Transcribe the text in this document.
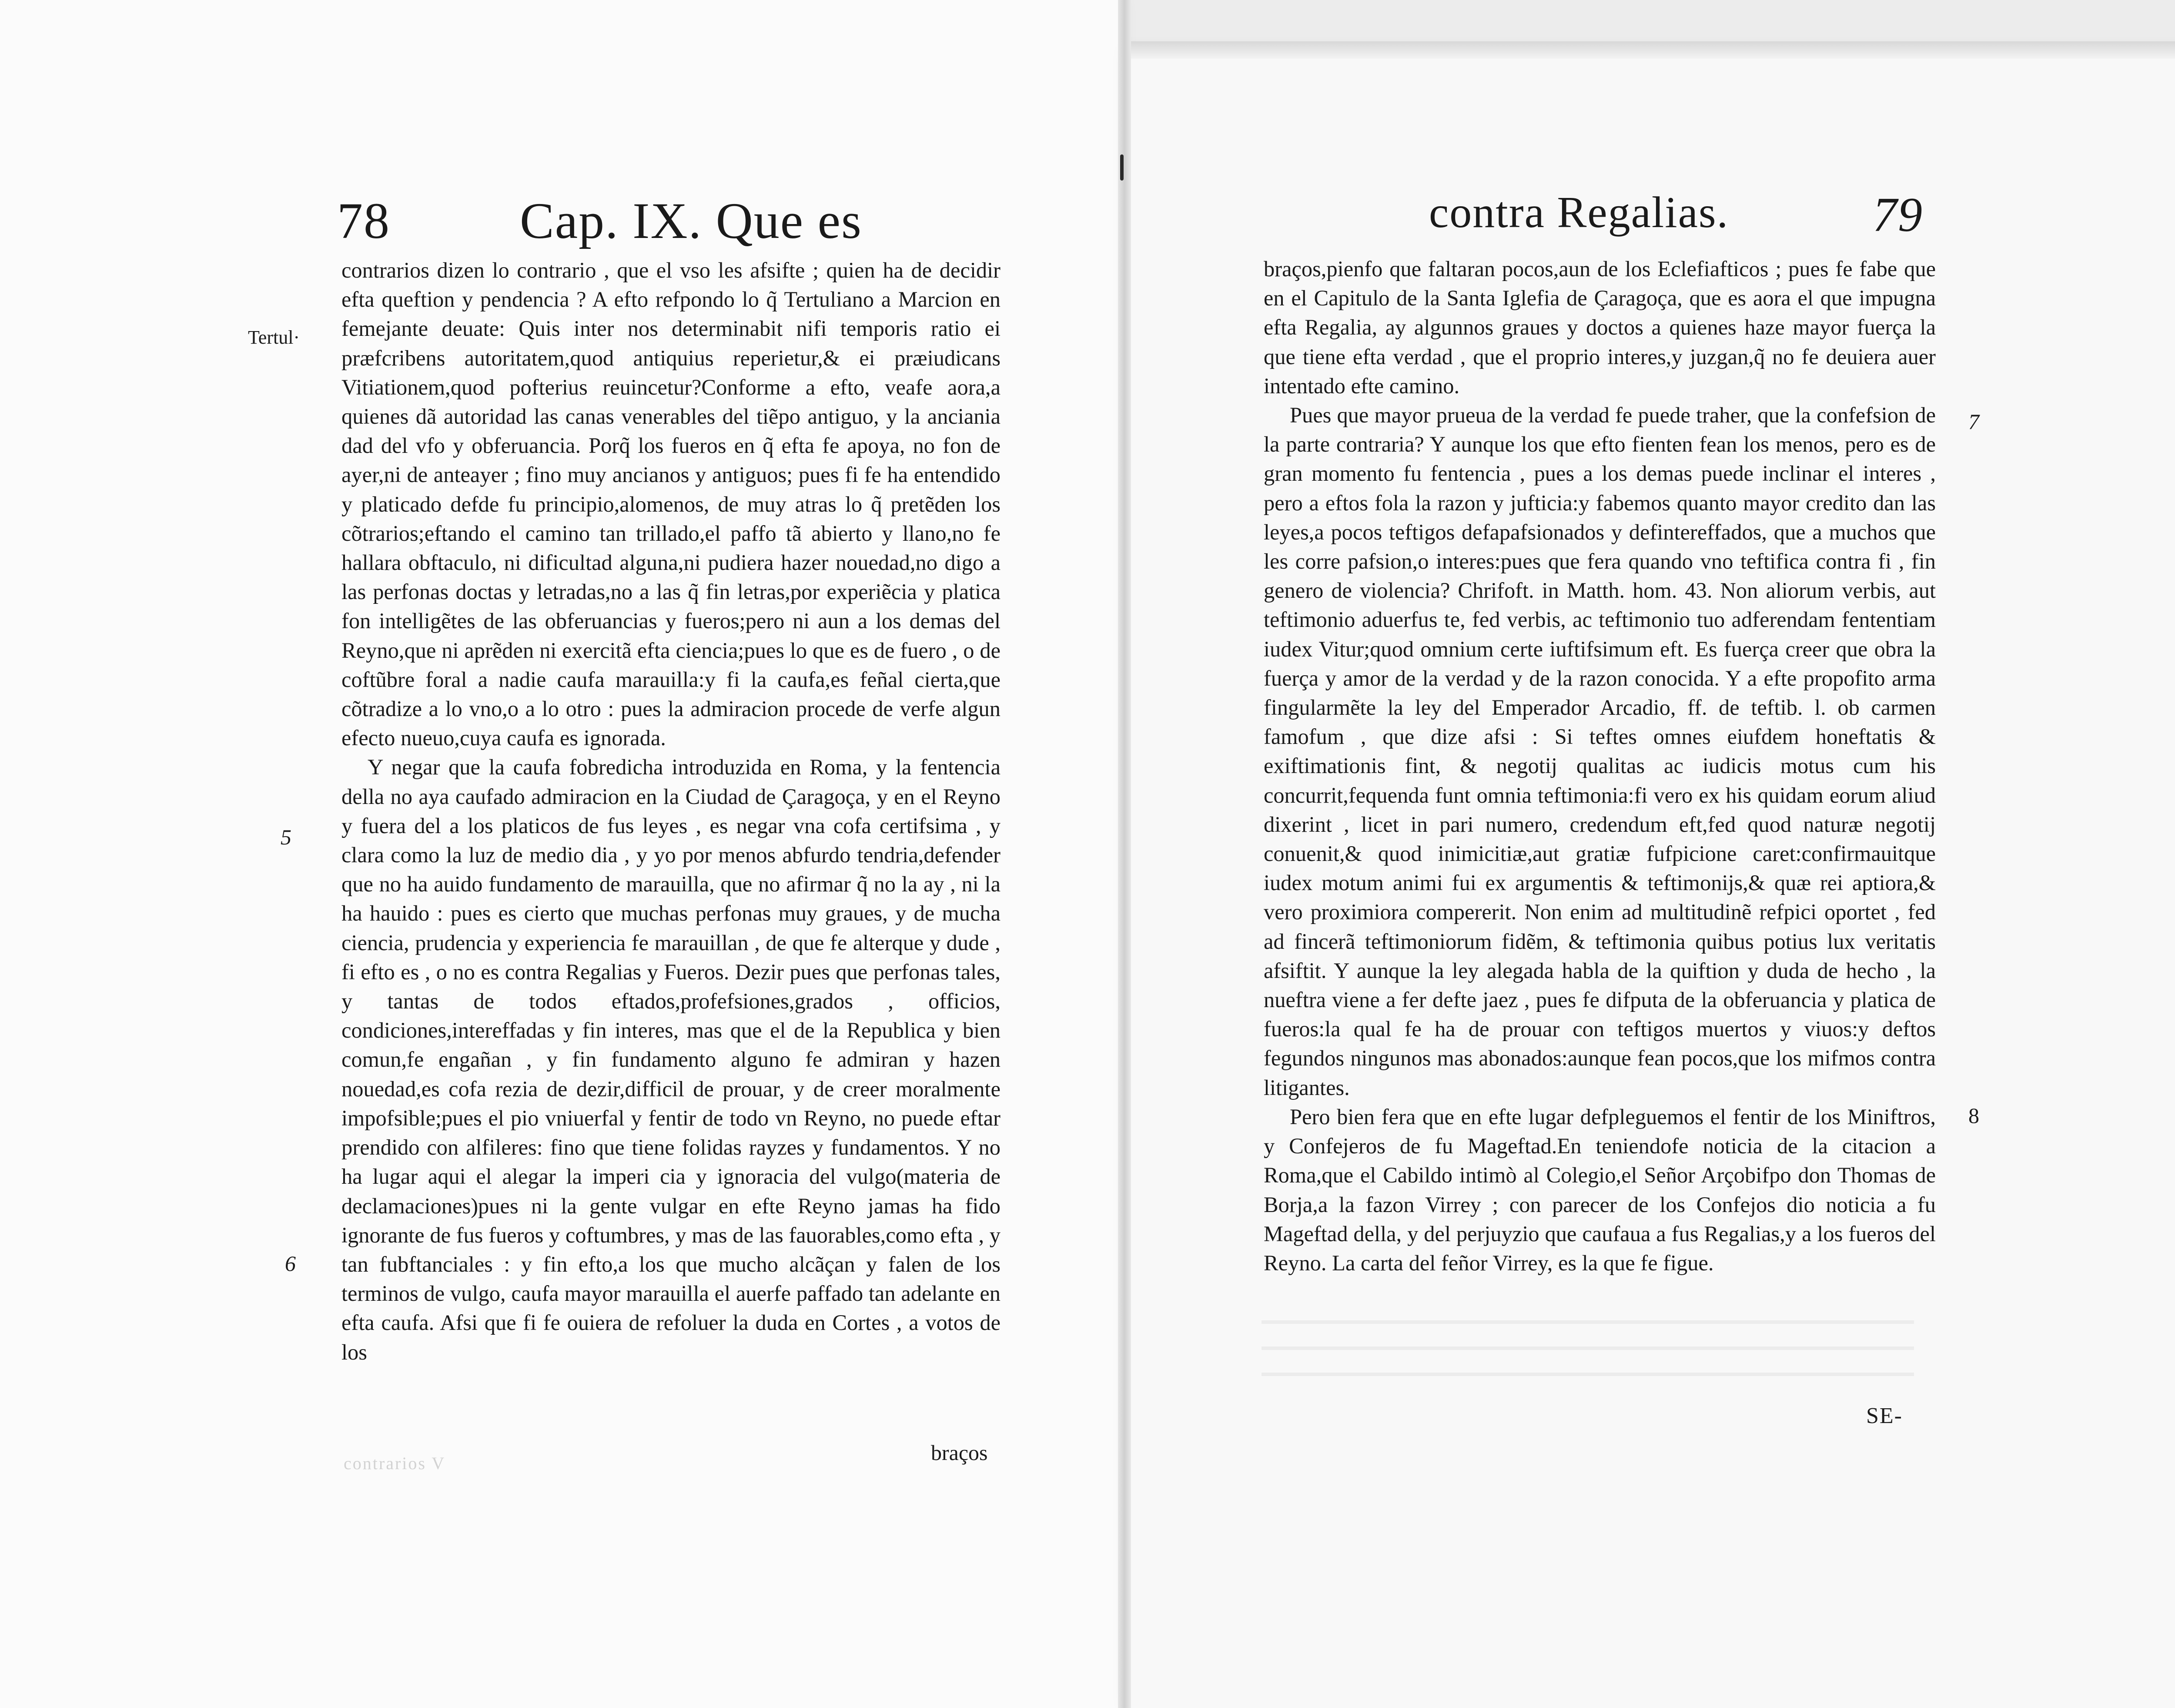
78	Cap. IX. Que es
Tertul·
5
6

contrarios dizen lo contrario , que el vso les afsifte ; quien ha de decidir efta queftion y pendencia ? A efto refpondo lo q̃ Tertuliano a Marcion en femejante deuate: Quis inter nos determinabit nifi temporis ratio ei præfcribens autoritatem,quod antiquius reperietur,& ei præiudicans Vitiationem,quod pofterius reuincetur?Conforme a efto, veafe aora,a quienes dã autoridad las canas venerables del tiẽpo antiguo, y la anciania dad del vfo y obferuancia. Porq̃ los fueros en q̃ efta fe apoya, no fon de ayer,ni de anteayer ; fino muy ancianos y antiguos; pues fi fe ha entendido y platicado defde fu principio,alomenos, de muy atras lo q̃ pretẽden los cõtrarios;eftando el camino tan trillado,el paffo tã abierto y llano,no fe hallara obftaculo, ni dificultad alguna,ni pudiera hazer nouedad,no digo a las perfonas doctas y letradas,no a las q̃ fin letras,por experiẽcia y platica fon intelligẽtes de las obferuancias y fueros;pero ni aun a los demas del Reyno,que ni aprẽden ni exercitã efta ciencia;pues lo que es de fuero , o de coftũbre foral a nadie caufa marauilla:y fi la caufa,es feñal cierta,que cõtradize a lo vno,o a lo otro : pues la admiracion procede de verfe algun efecto nueuo,cuya caufa es ignorada.

Y negar que la caufa fobredicha introduzida en Roma, y la fentencia della no aya caufado admiracion en la Ciudad de Çaragoça, y en el Reyno y fuera del a los platicos de fus leyes , es negar vna cofa certifsima , y clara como la luz de medio dia , y yo por menos abfurdo tendria,defender que no ha auido fundamento de marauilla, que no afirmar q̃ no la ay , ni la ha hauido : pues es cierto que muchas perfonas muy graues, y de mucha ciencia, prudencia y experiencia fe marauillan , de que fe alterque y dude , fi efto es , o no es contra Regalias y Fueros. Dezir pues que perfonas tales, y tantas de todos eftados,profefsiones,grados , officios, condiciones,intereffadas y fin interes, mas que el de la Republica y bien comun,fe engañan , y fin fundamento alguno fe admiran y hazen nouedad,es cofa rezia de dezir,difficil de prouar, y de creer moralmente impofsible;pues el pio vniuerfal y fentir de todo vn Reyno, no puede eftar prendido con alfileres: fino que tiene folidas rayzes y fundamentos. Y no ha lugar aqui el alegar la imperi cia y ignoracia del vulgo(materia de declamaciones)pues ni la gente vulgar en efte Reyno jamas ha fido ignorante de fus fueros y coftumbres, y mas de las fauorables,como efta , y tan fubftanciales : y fin efto,a los que mucho alcãçan y falen de los terminos de vulgo, caufa mayor marauilla el auerfe paffado tan adelante en efta caufa. Afsi que fi fe ouiera de refoluer la duda en Cortes , a votos de los

braços
contrarios V
contra Regalias.	79
7
8

braços,pienfo que faltaran pocos,aun de los Eclefiafticos ; pues fe fabe que en el Capitulo de la Santa Iglefia de Çaragoça, que es aora el que impugna efta Regalia, ay algunnos graues y doctos a quienes haze mayor fuerça la que tiene efta verdad , que el proprio interes,y juzgan,q̃ no fe deuiera auer intentado efte camino.

Pues que mayor prueua de la verdad fe puede traher, que la confefsion de la parte contraria? Y aunque los que efto fienten fean los menos, pero es de gran momento fu fentencia , pues a los demas puede inclinar el interes , pero a eftos fola la razon y jufticia:y fabemos quanto mayor credito dan las leyes,a pocos teftigos defapafsionados y defintereffados, que a muchos que les corre pafsion,o interes:pues que fera quando vno teftifica contra fi , fin genero de violencia? Chrifoft. in Matth. hom. 43. Non aliorum verbis, aut teftimonio aduerfus te, fed verbis, ac teftimonio tuo adferendam fententiam iudex Vitur;quod omnium certe iuftifsimum eft. Es fuerça creer que obra la fuerça y amor de la verdad y de la razon conocida. Y a efte propofito arma fingularmẽte la ley del Emperador Arcadio, ff. de teftib. l. ob carmen famofum , que dize afsi : Si teftes omnes eiufdem honeftatis & exiftimationis fint, & negotij qualitas ac iudicis motus cum his concurrit,fequenda funt omnia teftimonia:fi vero ex his quidam eorum aliud dixerint , licet in pari numero, credendum eft,fed quod naturæ negotij conuenit,& quod inimicitiæ,aut gratiæ fufpicione caret:confirmauitque iudex motum animi fui ex argumentis & teftimonijs,& quæ rei aptiora,& vero proximiora compererit. Non enim ad multitudinẽ refpici oportet , fed ad fincerã teftimoniorum fidẽm, & teftimonia quibus potius lux veritatis afsiftit. Y aunque la ley alegada habla de la quiftion y duda de hecho , la nueftra viene a fer defte jaez , pues fe difputa de la obferuancia y platica de fueros:la qual fe ha de prouar con teftigos muertos y viuos:y deftos fegundos ningunos mas abonados:aunque fean pocos,que los mifmos contra litigantes.

Pero bien fera que en efte lugar defpleguemos el fentir de los Miniftros, y Confejeros de fu Mageftad.En teniendofe noticia de la citacion a Roma,que el Cabildo intimò al Colegio,el Señor Arçobifpo don Thomas de Borja,a la fazon Virrey ; con parecer de los Confejos dio noticia a fu Mageftad della, y del perjuyzio que caufaua a fus Regalias,y a los fueros del Reyno. La carta del feñor Virrey, es la que fe figue.

SE-
